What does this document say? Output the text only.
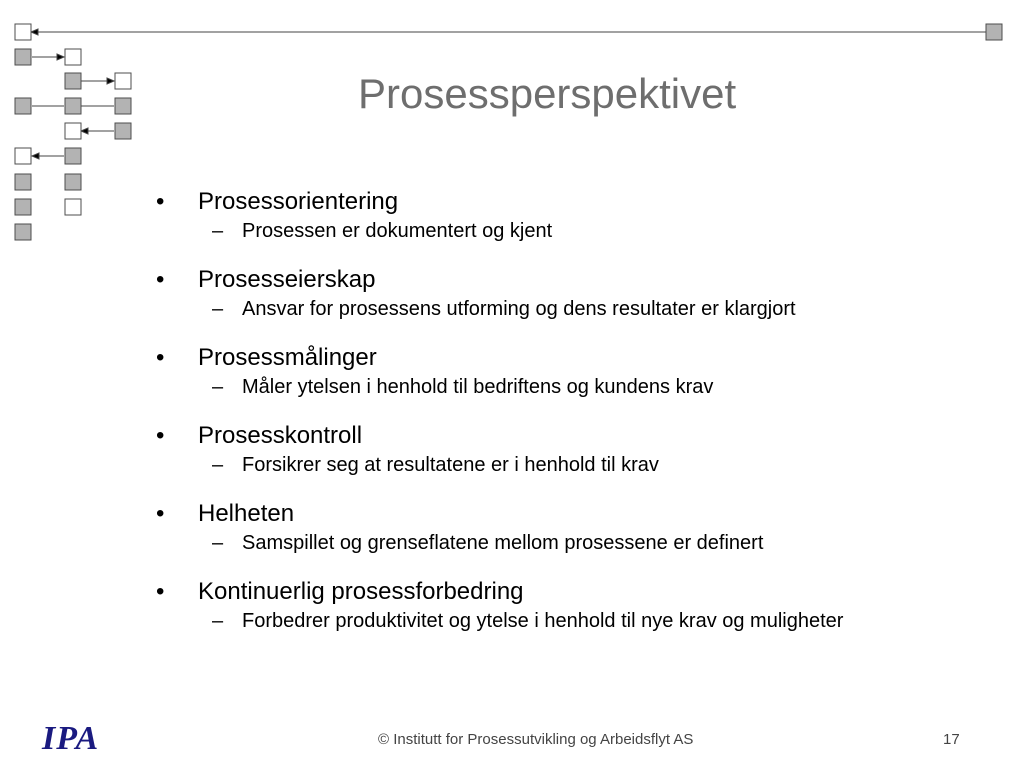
Prosessperspektivet
•	Prosessorientering
– Prosessen er dokumentert og kjent
•	Prosesseierskap
– Ansvar for prosessens utforming og dens resultater er klargjort
•	Prosessmålinger
– Måler ytelsen i henhold til bedriftens og kundens krav
•	Prosesskontroll
– Forsikrer seg at resultatene er i henhold til krav
•	Helheten
– Samspillet og grenseflatene mellom prosessene er definert
•	Kontinuerlig prosessforbedring
– Forbedrer produktivitet og ytelse i henhold til nye krav og muligheter
IPA	© Institutt for Prosessutvikling og Arbeidsflyt AS	17
